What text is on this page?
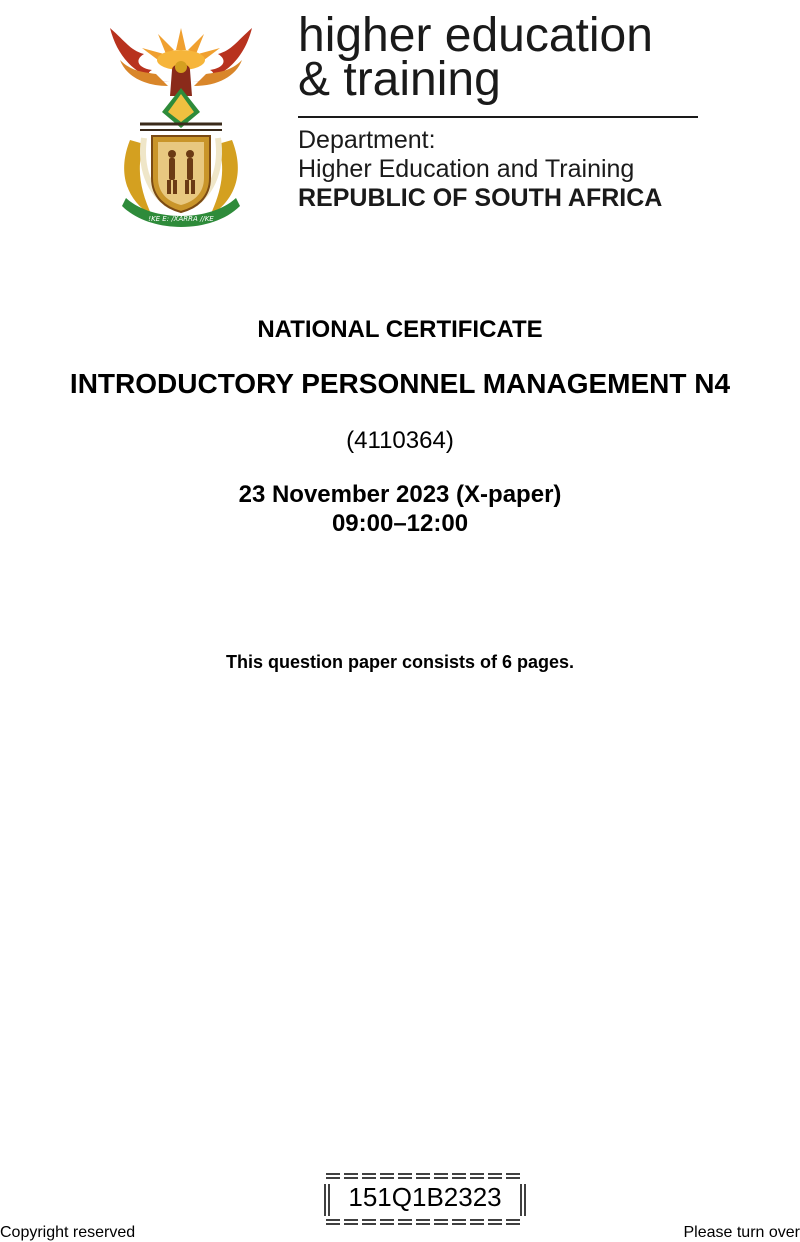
!KE E: /XARRA //KE
higher education
& training
Department:
Higher Education and Training
REPUBLIC OF SOUTH AFRICA
NATIONAL CERTIFICATE
INTRODUCTORY PERSONNEL MANAGEMENT N4
(4110364)
23 November 2023 (X-paper)
09:00–12:00
This question paper consists of 6 pages.
151Q1B2323
Copyright reserved	Please turn over
